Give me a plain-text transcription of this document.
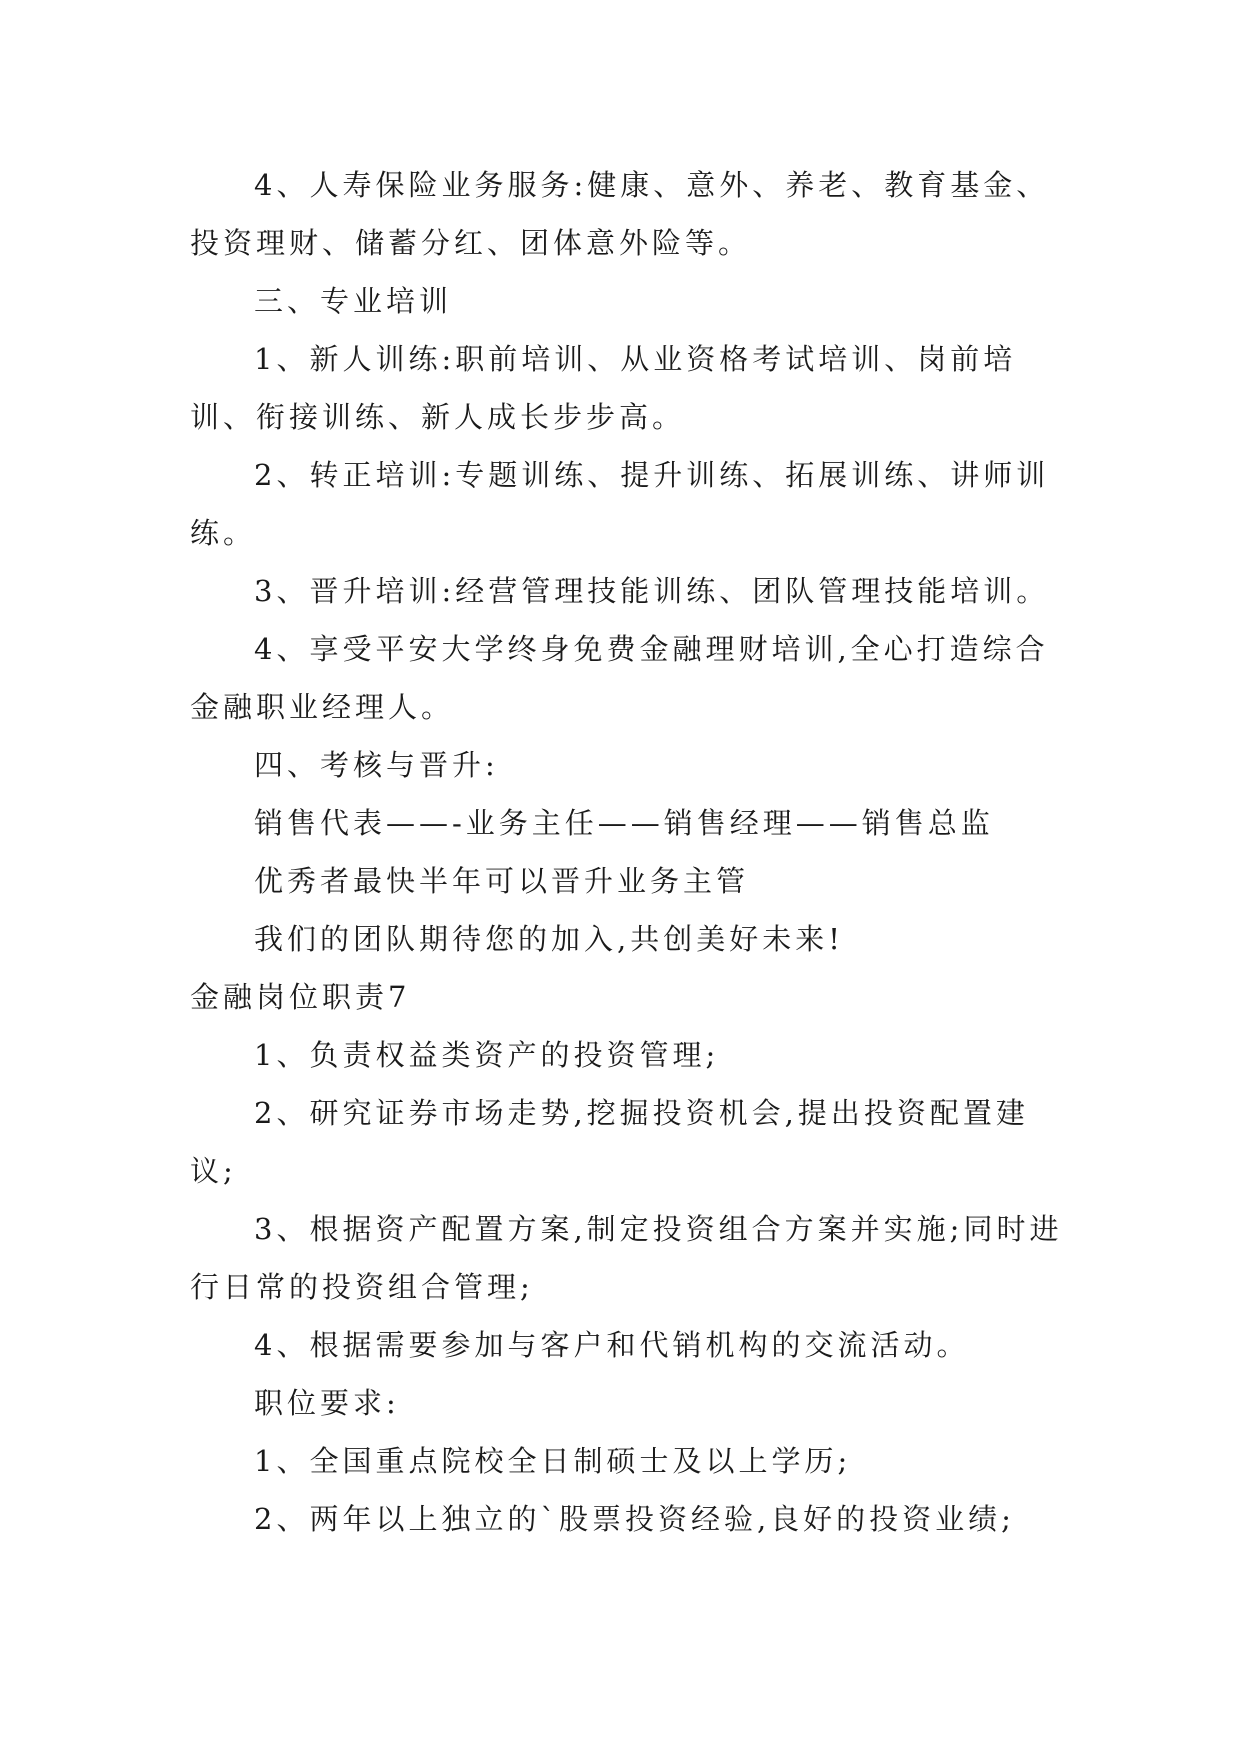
4、人寿保险业务服务:健康、意外、养老、教育基金、投资理财、储蓄分红、团体意外险等。

三、专业培训

1、新人训练:职前培训、从业资格考试培训、岗前培训、衔接训练、新人成长步步高。

2、转正培训:专题训练、提升训练、拓展训练、讲师训练。

3、晋升培训:经营管理技能训练、团队管理技能培训。

4、享受平安大学终身免费金融理财培训,全心打造综合金融职业经理人。

四、考核与晋升:

销售代表——-业务主任——销售经理——销售总监

优秀者最快半年可以晋升业务主管

我们的团队期待您的加入,共创美好未来!

金融岗位职责7

1、负责权益类资产的投资管理;

2、研究证券市场走势,挖掘投资机会,提出投资配置建议;

3、根据资产配置方案,制定投资组合方案并实施;同时进行日常的投资组合管理;

4、根据需要参加与客户和代销机构的交流活动。

职位要求:

1、全国重点院校全日制硕士及以上学历;

2、两年以上独立的`股票投资经验,良好的投资业绩;
